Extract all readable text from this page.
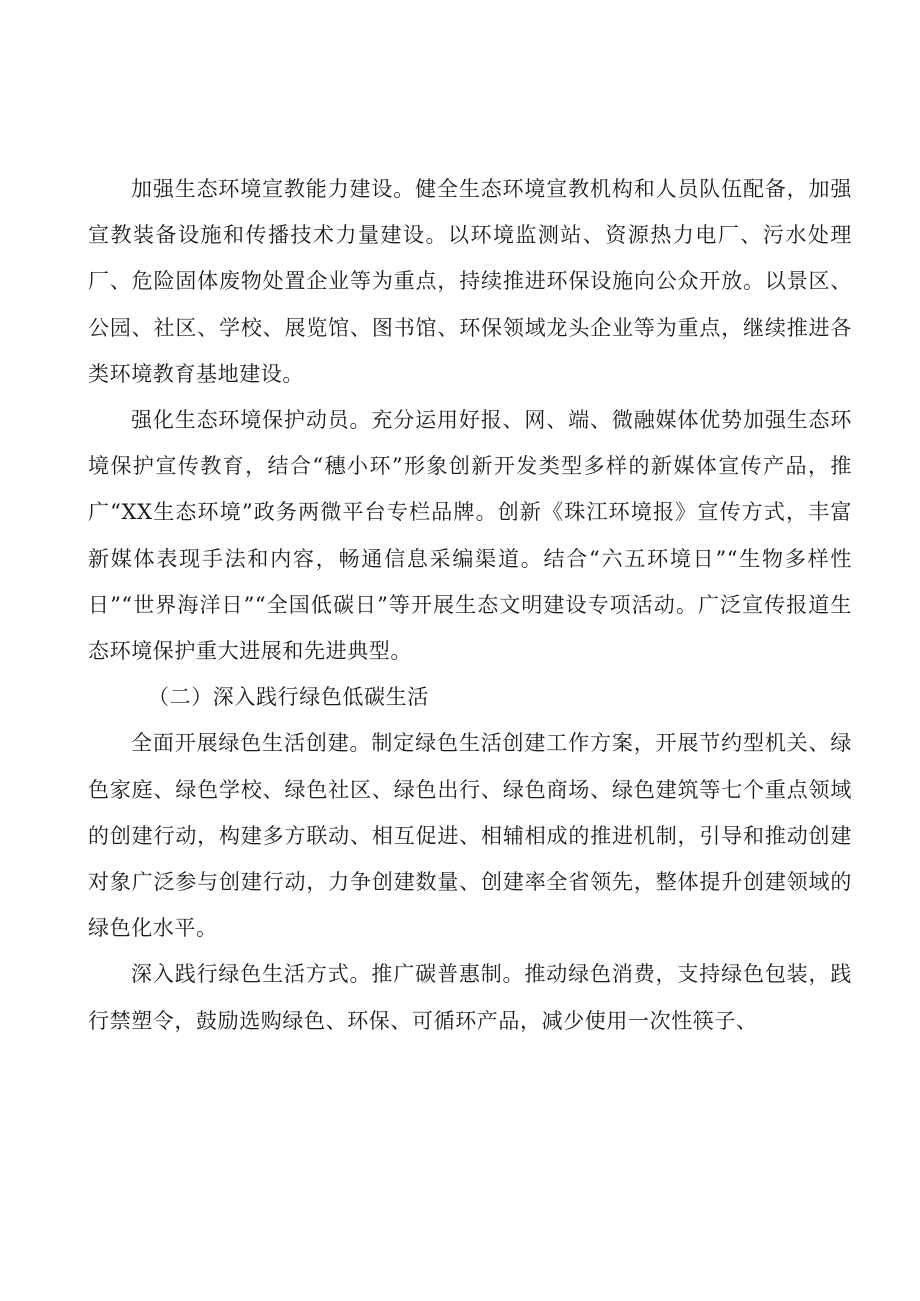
加强生态环境宣教能力建设。健全生态环境宣教机构和人员队伍配备，加强宣教装备设施和传播技术力量建设。以环境监测站、资源热力电厂、污水处理厂、危险固体废物处置企业等为重点，持续推进环保设施向公众开放。以景区、公园、社区、学校、展览馆、图书馆、环保领域龙头企业等为重点，继续推进各类环境教育基地建设。

强化生态环境保护动员。充分运用好报、网、端、微融媒体优势加强生态环境保护宣传教育，结合“穗小环”形象创新开发类型多样的新媒体宣传产品，推广“XX生态环境”政务两微平台专栏品牌。创新《珠江环境报》宣传方式，丰富新媒体表现手法和内容，畅通信息采编渠道。结合“六五环境日”“生物多样性日”“世界海洋日”“全国低碳日”等开展生态文明建设专项活动。广泛宣传报道生态环境保护重大进展和先进典型。

（二）深入践行绿色低碳生活

全面开展绿色生活创建。制定绿色生活创建工作方案，开展节约型机关、绿色家庭、绿色学校、绿色社区、绿色出行、绿色商场、绿色建筑等七个重点领域的创建行动，构建多方联动、相互促进、相辅相成的推进机制，引导和推动创建对象广泛参与创建行动，力争创建数量、创建率全省领先，整体提升创建领域的绿色化水平。

深入践行绿色生活方式。推广碳普惠制。推动绿色消费，支持绿色包装，践行禁塑令，鼓励选购绿色、环保、可循环产品，减少使用一次性筷子、
